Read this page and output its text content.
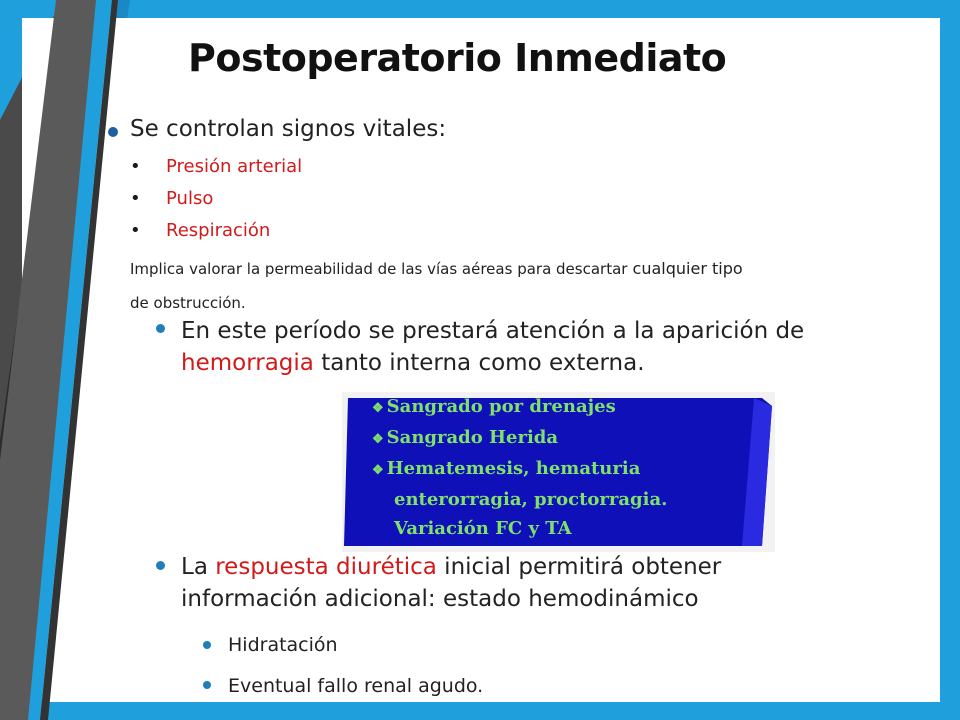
Postoperatorio Inmediato
Se controlan signos vitales:
• Presión arterial
• Pulso
• Respiración
Implica valorar la permeabilidad de las vías aéreas para descartar cualquier tipo
de obstrucción.
En este período se prestará atención a la aparición de hemorragia tanto interna como externa.
❖ Sangrado por drenajes
❖ Sangrado Herida
❖ Hematemesis, hematuria
enterorragia, proctorragia.
Variación FC y TA
La respuesta diurética inicial permitirá obtener información adicional: estado hemodinámico
Hidratación
Eventual fallo renal agudo.
